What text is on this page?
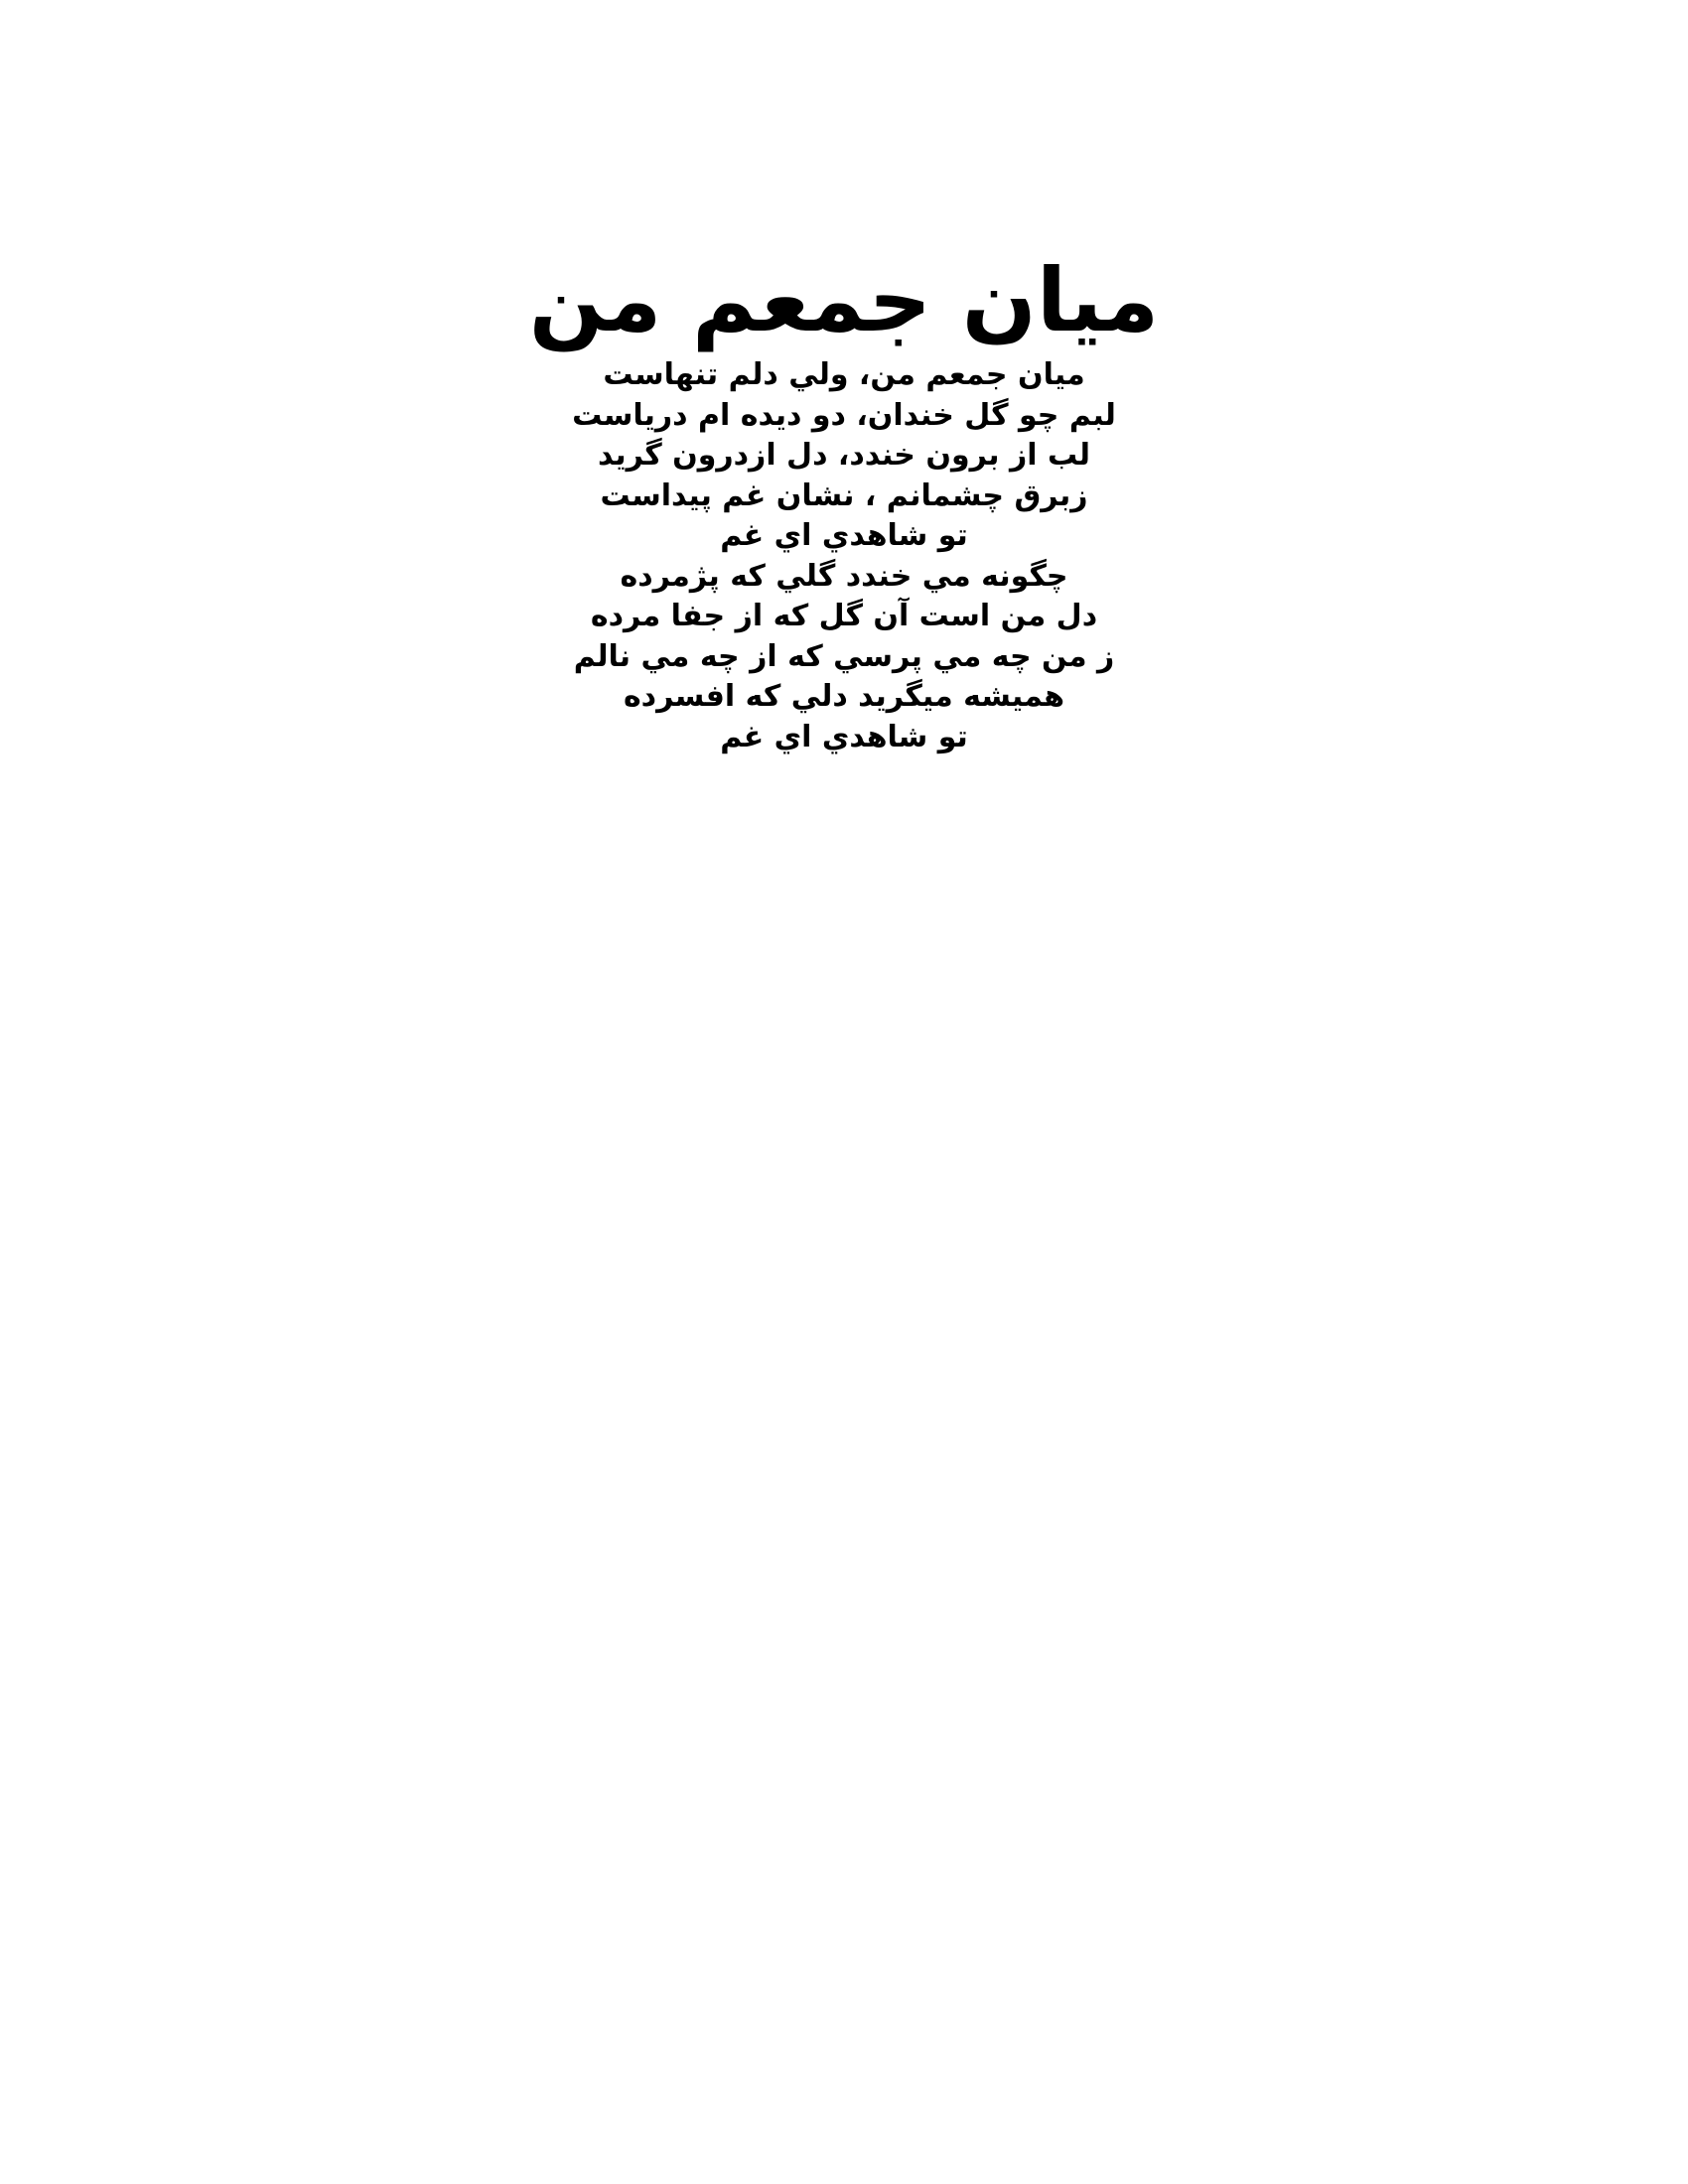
میان جمعم من
میان جمعم من، ولي دلم تنهاست
لبم چو گل خندان، دو دیده ام دریاست
لب از برون خندد، دل ازدرون گرید
زبرق چشمانم ، نشان غم پیداست
تو شاهدي اي غم
چگونه مي خندد گلي كه پژمرده
دل من است آن گل كه از جفا مرده
ز من چه مي پرسي كه از چه مي نالم
همیشه میگرید دلي كه افسرده
تو شاهدي اي غم
